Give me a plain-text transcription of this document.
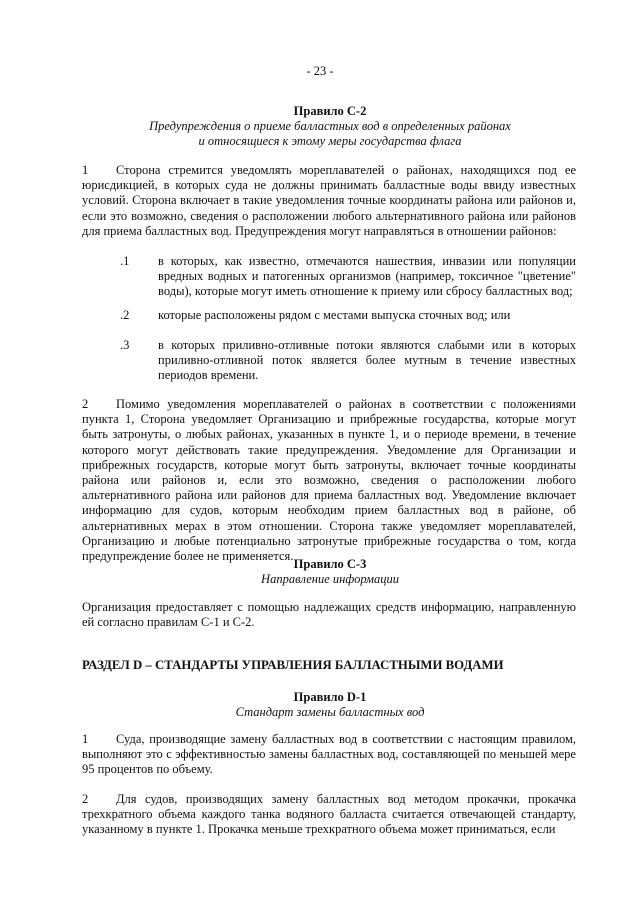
- 23 -
Правило С-2
Предупреждения о приеме балластных вод в определенных районах
и относящиеся к этому меры государства флага
1 Сторона стремится уведомлять мореплавателей о районах, находящихся под ее юрисдикцией, в которых суда не должны принимать балластные воды ввиду известных условий. Сторона включает в такие уведомления точные координаты района или районов и, если это возможно, сведения о расположении любого альтернативного района или районов для приема балластных вод. Предупреждения могут направляться в отношении районов:
.1	в которых, как известно, отмечаются нашествия, инвазии или популяции вредных водных и патогенных организмов (например, токсичное "цветение" воды), которые могут иметь отношение к приему или сбросу балластных вод;
.2	которые расположены рядом с местами выпуска сточных вод; или
.3	в которых приливно-отливные потоки являются слабыми или в которых приливно-отливной поток является более мутным в течение известных периодов времени.
2 Помимо уведомления мореплавателей о районах в соответствии с положениями пункта 1, Сторона уведомляет Организацию и прибрежные государства, которые могут быть затронуты, о любых районах, указанных в пункте 1, и о периоде времени, в течение которого могут действовать такие предупреждения. Уведомление для Организации и прибрежных государств, которые могут быть затронуты, включает точные координаты района или районов и, если это возможно, сведения о расположении любого альтернативного района или районов для приема балластных вод. Уведомление включает информацию для судов, которым необходим прием балластных вод в районе, об альтернативных мерах в этом отношении. Сторона также уведомляет мореплавателей, Организацию и любые потенциально затронутые прибрежные государства о том, когда предупреждение более не применяется.
Правило С-3
Направление информации
Организация предоставляет с помощью надлежащих средств информацию, направленную ей согласно правилам С-1 и С-2.
РАЗДЕЛ D – СТАНДАРТЫ УПРАВЛЕНИЯ БАЛЛАСТНЫМИ ВОДАМИ
Правило D-1
Стандарт замены балластных вод
1 Суда, производящие замену балластных вод в соответствии с настоящим правилом, выполняют это с эффективностью замены балластных вод, составляющей по меньшей мере 95 процентов по объему.
2 Для судов, производящих замену балластных вод методом прокачки, прокачка трехкратного объема каждого танка водяного балласта считается отвечающей стандарту, указанному в пункте 1. Прокачка меньше трехкратного объема может приниматься, если
